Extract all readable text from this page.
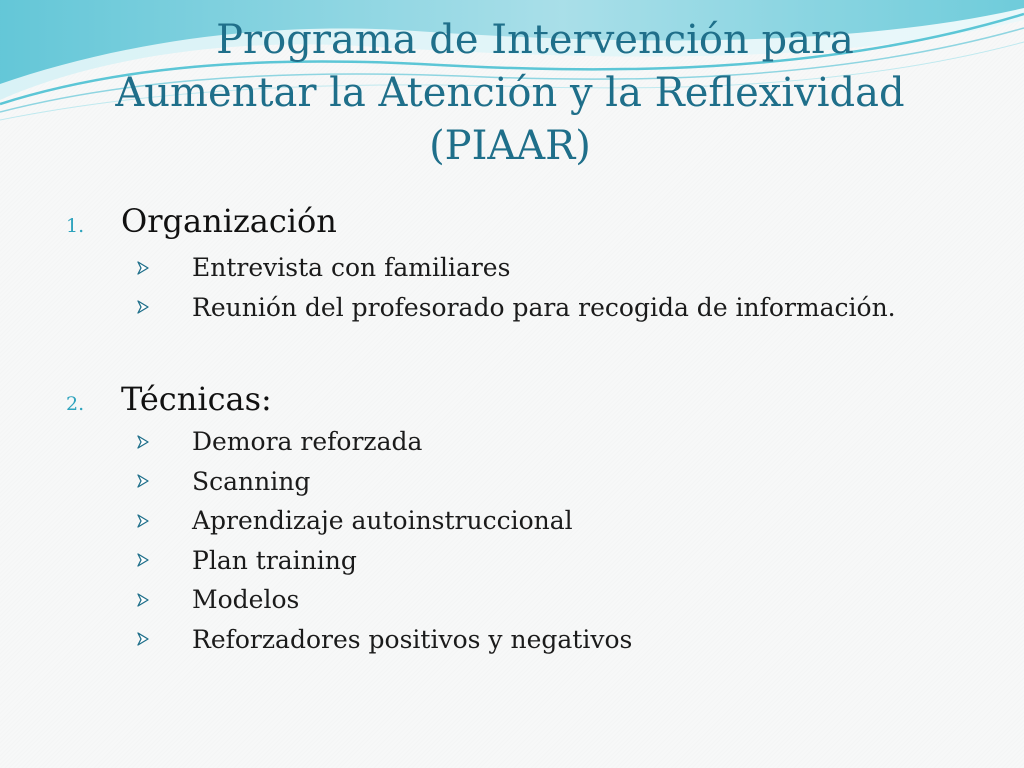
Programa de Intervención para
Aumentar la Atención y la Reflexividad
(PIAAR)
1.	Organización
Entrevista con familiares
Reunión del profesorado para recogida de información.
2.	Técnicas:
Demora reforzada
Scanning
Aprendizaje autoinstruccional
Plan training
Modelos
Reforzadores positivos y negativos
